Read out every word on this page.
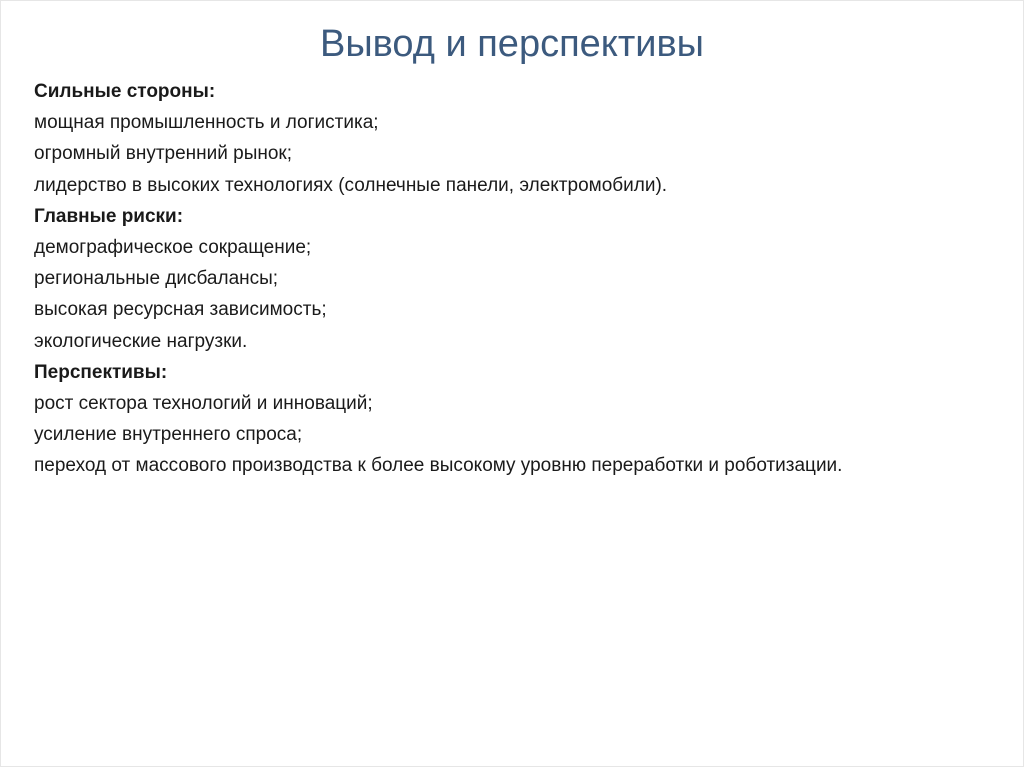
Вывод и перспективы

Сильные стороны:

мощная промышленность и логистика;

огромный внутренний рынок;

лидерство в высоких технологиях (солнечные панели, электромобили).

Главные риски:

демографическое сокращение;

региональные дисбалансы;

высокая ресурсная зависимость;

экологические нагрузки.

Перспективы:

рост сектора технологий и инноваций;

усиление внутреннего спроса;

переход от массового производства к более высокому уровню переработки и роботизации.
